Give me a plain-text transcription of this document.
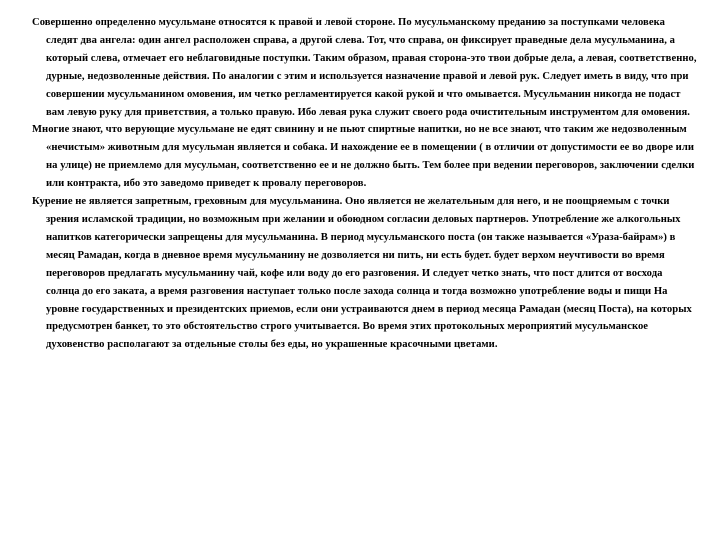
Совершенно определенно мусульмане относятся к правой и левой стороне. По мусульманскому преданию за поступками человека следят два ангела: один ангел расположен справа, а другой слева. Тот, что справа, он фиксирует праведные дела мусульманина, а который слева, отмечает его неблаговидные поступки. Таким образом, правая сторона-это твои добрые дела, а левая, соответственно, дурные, недозволенные действия. По аналогии с этим и используется назначение правой и левой рук. Следует иметь в виду, что при совершении мусульманином омовения, им четко регламентируется какой рукой и что омывается. Мусульманин никогда не подаст вам левую руку для приветствия, а только правую. Ибо левая рука служит своего рода очистительным инструментом для омовения.

Многие знают, что верующие мусульмане не едят свинину и не пьют спиртные напитки, но не все знают, что таким же недозволенным «нечистым» животным для мусульман является и собака. И нахождение ее в помещении ( в отличии от допустимости ее во дворе или на улице) не приемлемо для мусульман, соответственно ее и не должно быть. Тем более при ведении переговоров, заключении сделки или контракта, ибо это заведомо приведет к провалу переговоров.

Курение не является запретным, греховным для мусульманина. Оно является не желательным для него, и не поощряемым с точки зрения исламской традиции, но возможным при желании и обоюдном согласии деловых партнеров. Употребление же алкогольных напитков категорически запрещены для мусульманина. В период мусульманского поста (он также называется «Ураза-байрам») в месяц Рамадан, когда в дневное время мусульманину не дозволяется ни пить, ни есть будет. будет верхом неучтивости во время переговоров предлагать мусульманину чай, кофе или воду до его разговения. И следует четко знать, что пост длится от восхода солнца до его заката, а время разговения наступает только после захода солнца и тогда возможно употребление воды и пищи На уровне государственных и президентских приемов, если они устраиваются днем в период месяца Рамадан (месяц Поста), на которых предусмотрен банкет, то это обстоятельство строго учитывается. Во время этих протокольных мероприятий мусульманское духовенство располагают за отдельные столы без еды, но украшенные красочными цветами.
